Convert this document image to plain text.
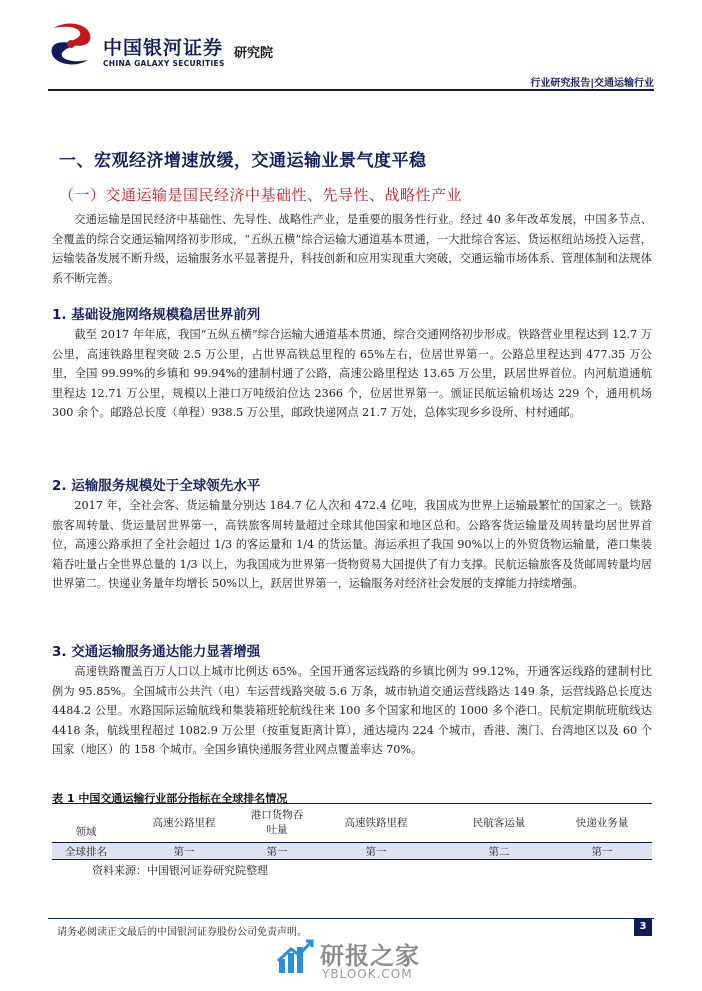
中国银河证券
CHINA GALAXY SECURITIES
研究院
行业研究报告|交通运输行业
一、宏观经济增速放缓，交通运输业景气度平稳
（一）交通运输是国民经济中基础性、先导性、战略性产业
交通运输是国民经济中基础性、先导性、战略性产业，是重要的服务性行业。经过 40 多年改革发展，中国多节点、全覆盖的综合交通运输网络初步形成，“五纵五横”综合运输大通道基本贯通，一大批综合客运、货运枢纽站场投入运营，运输装备发展不断升级，运输服务水平显著提升，科技创新和应用实现重大突破，交通运输市场体系、管理体制和法规体系不断完善。
1. 基础设施网络规模稳居世界前列
截至 2017 年年底，我国“五纵五横”综合运输大通道基本贯通，综合交通网络初步形成。铁路营业里程达到 12.7 万公里，高速铁路里程突破 2.5 万公里，占世界高铁总里程的 65%左右，位居世界第一。公路总里程达到 477.35 万公里，全国 99.99%的乡镇和 99.94%的建制村通了公路，高速公路里程达 13.65 万公里，跃居世界首位。内河航道通航里程达 12.71 万公里，规模以上港口万吨级泊位达 2366 个，位居世界第一。颁证民航运输机场达 229 个，通用机场 300 余个。邮路总长度（单程）938.5 万公里，邮政快递网点 21.7 万处，总体实现乡乡设所、村村通邮。
2. 运输服务规模处于全球领先水平
2017 年，全社会客、货运输量分别达 184.7 亿人次和 472.4 亿吨，我国成为世界上运输最繁忙的国家之一。铁路旅客周转量、货运量居世界第一，高铁旅客周转量超过全球其他国家和地区总和。公路客货运输量及周转量均居世界首位，高速公路承担了全社会超过 1/3 的客运量和 1/4 的货运量。海运承担了我国 90%以上的外贸货物运输量，港口集装箱吞吐量占全世界总量的 1/3 以上，为我国成为世界第一货物贸易大国提供了有力支撑。民航运输旅客及货邮周转量均居世界第二。快递业务量年均增长 50%以上，跃居世界第一，运输服务对经济社会发展的支撑能力持续增强。
3. 交通运输服务通达能力显著增强
高速铁路覆盖百万人口以上城市比例达 65%。全国开通客运线路的乡镇比例为 99.12%，开通客运线路的建制村比例为 95.85%。全国城市公共汽（电）车运营线路突破 5.6 万条，城市轨道交通运营线路达 149 条，运营线路总长度达 4484.2 公里。水路国际运输航线和集装箱班轮航线往来 100 多个国家和地区的 1000 多个港口。民航定期航班航线达 4418 条，航线里程超过 1082.9 万公里（按重复距离计算），通达境内 224 个城市，香港、澳门、台湾地区以及 60 个国家（地区）的 158 个城市。全国乡镇快递服务营业网点覆盖率达 70%。
表 1 中国交通运输行业部分指标在全球排名情况
领域	高速公路里程	港口货物吞吐量	高速铁路里程	民航客运量	快递业务量
全球排名	第一	第一	第一	第二	第一
资料来源：中国银河证券研究院整理
请务必阅读正文最后的中国银河证券股份公司免责声明。
3
研报之家
YBLOOK.COM
